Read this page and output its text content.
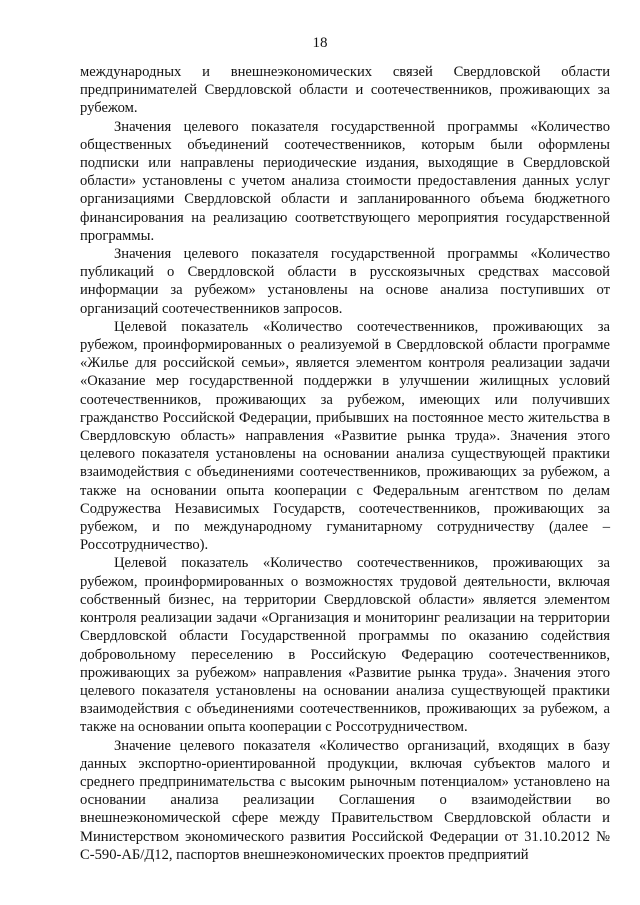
18

международных и внешнеэкономических связей Свердловской области предпринимателей Свердловской области и соотечественников, проживающих за рубежом.

Значения целевого показателя государственной программы «Количество общественных объединений соотечественников, которым были оформлены подписки или направлены периодические издания, выходящие в Свердловской области» установлены с учетом анализа стоимости предоставления данных услуг организациями Свердловской области и запланированного объема бюджетного финансирования на реализацию соответствующего мероприятия государственной программы.

Значения целевого показателя государственной программы «Количество публикаций о Свердловской области в русскоязычных средствах массовой информации за рубежом» установлены на основе анализа поступивших от организаций соотечественников запросов.

Целевой показатель «Количество соотечественников, проживающих за рубежом, проинформированных о реализуемой в Свердловской области программе «Жилье для российской семьи», является элементом контроля реализации задачи «Оказание мер государственной поддержки в улучшении жилищных условий соотечественников, проживающих за рубежом, имеющих или получивших гражданство Российской Федерации, прибывших на постоянное место жительства в Свердловскую область» направления «Развитие рынка труда». Значения этого целевого показателя установлены на основании анализа существующей практики взаимодействия с объединениями соотечественников, проживающих за рубежом, а также на основании опыта кооперации с Федеральным агентством по делам Содружества Независимых Государств, соотечественников, проживающих за рубежом, и по международному гуманитарному сотрудничеству (далее – Россотрудничество).

Целевой показатель «Количество соотечественников, проживающих за рубежом, проинформированных о возможностях трудовой деятельности, включая собственный бизнес, на территории Свердловской области» является элементом контроля реализации задачи «Организация и мониторинг реализации на территории Свердловской области Государственной программы по оказанию содействия добровольному переселению в Российскую Федерацию соотечественников, проживающих за рубежом» направления «Развитие рынка труда». Значения этого целевого показателя установлены на основании анализа существующей практики взаимодействия с объединениями соотечественников, проживающих за рубежом, а также на основании опыта кооперации с Россотрудничеством.

Значение целевого показателя «Количество организаций, входящих в базу данных экспортно-ориентированной продукции, включая субъектов малого и среднего предпринимательства с высоким рыночным потенциалом» установлено на основании анализа реализации Соглашения о взаимодействии во внешнеэкономической сфере между Правительством Свердловской области и Министерством экономического развития Российской Федерации от 31.10.2012 № С-590-АБ/Д12, паспортов внешнеэкономических проектов предприятий
